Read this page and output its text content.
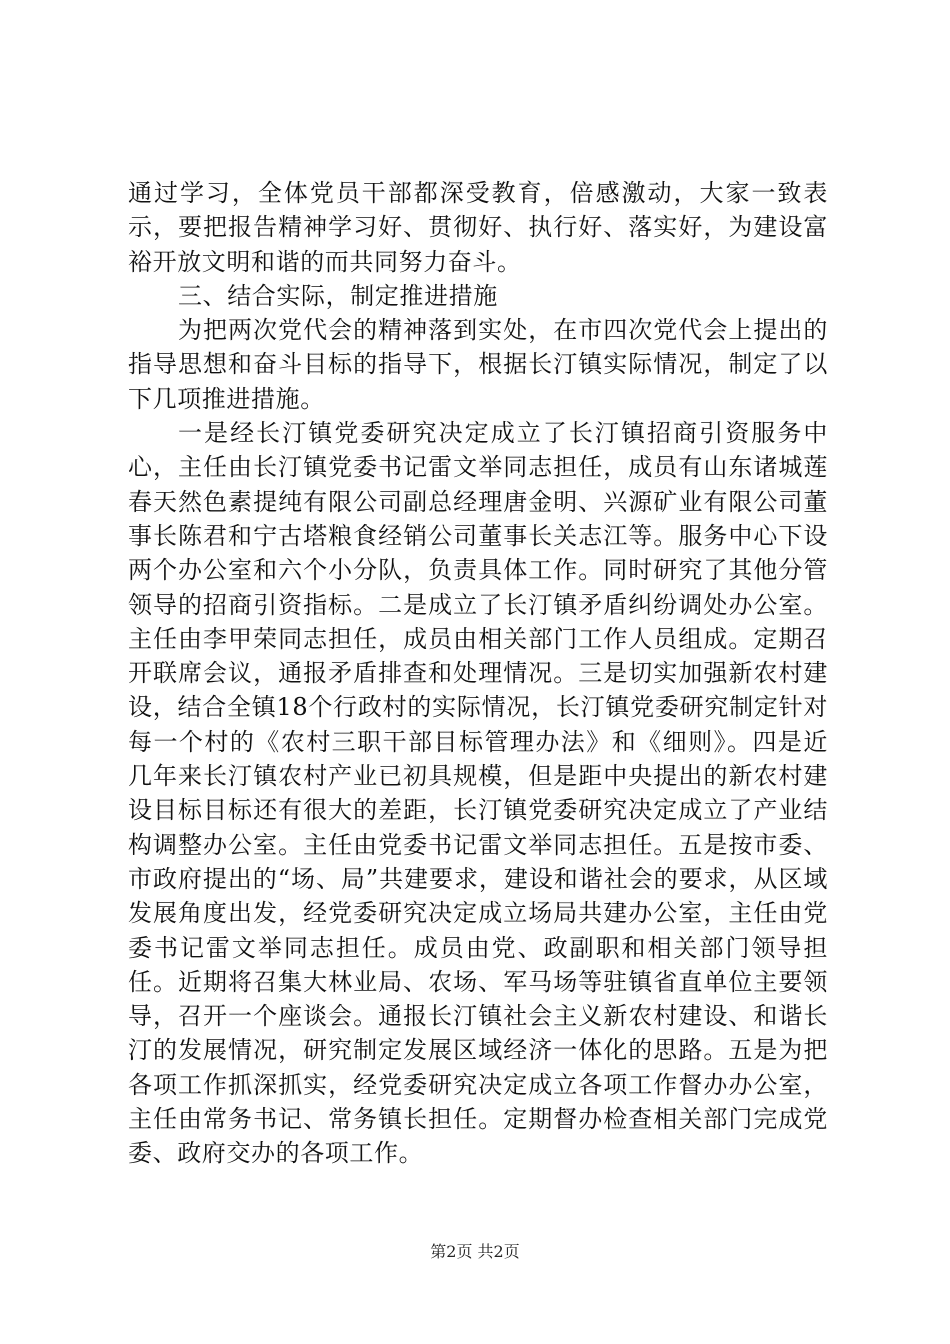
通过学习，全体党员干部都深受教育，倍感激动，大家一致表示，要把报告精神学习好、贯彻好、执行好、落实好，为建设富裕开放文明和谐的而共同努力奋斗。

三、结合实际，制定推进措施

为把两次党代会的精神落到实处，在市四次党代会上提出的指导思想和奋斗目标的指导下，根据长汀镇实际情况，制定了以下几项推进措施。

一是经长汀镇党委研究决定成立了长汀镇招商引资服务中心，主任由长汀镇党委书记雷文举同志担任，成员有山东诸城莲春天然色素提纯有限公司副总经理唐金明、兴源矿业有限公司董事长陈君和宁古塔粮食经销公司董事长关志江等。服务中心下设两个办公室和六个小分队，负责具体工作。同时研究了其他分管领导的招商引资指标。二是成立了长汀镇矛盾纠纷调处办公室。主任由李甲荣同志担任，成员由相关部门工作人员组成。定期召开联席会议，通报矛盾排查和处理情况。三是切实加强新农村建设，结合全镇18个行政村的实际情况，长汀镇党委研究制定针对每一个村的《农村三职干部目标管理办法》和《细则》。四是近几年来长汀镇农村产业已初具规模，但是距中央提出的新农村建设目标目标还有很大的差距，长汀镇党委研究决定成立了产业结构调整办公室。主任由党委书记雷文举同志担任。五是按市委、市政府提出的“场、局”共建要求，建设和谐社会的要求，从区域发展角度出发，经党委研究决定成立场局共建办公室，主任由党委书记雷文举同志担任。成员由党、政副职和相关部门领导担任。近期将召集大林业局、农场、军马场等驻镇省直单位主要领导，召开一个座谈会。通报长汀镇社会主义新农村建设、和谐长汀的发展情况，研究制定发展区域经济一体化的思路。五是为把各项工作抓深抓实，经党委研究决定成立各项工作督办办公室，主任由常务书记、常务镇长担任。定期督办检查相关部门完成党委、政府交办的各项工作。

第2页 共2页
